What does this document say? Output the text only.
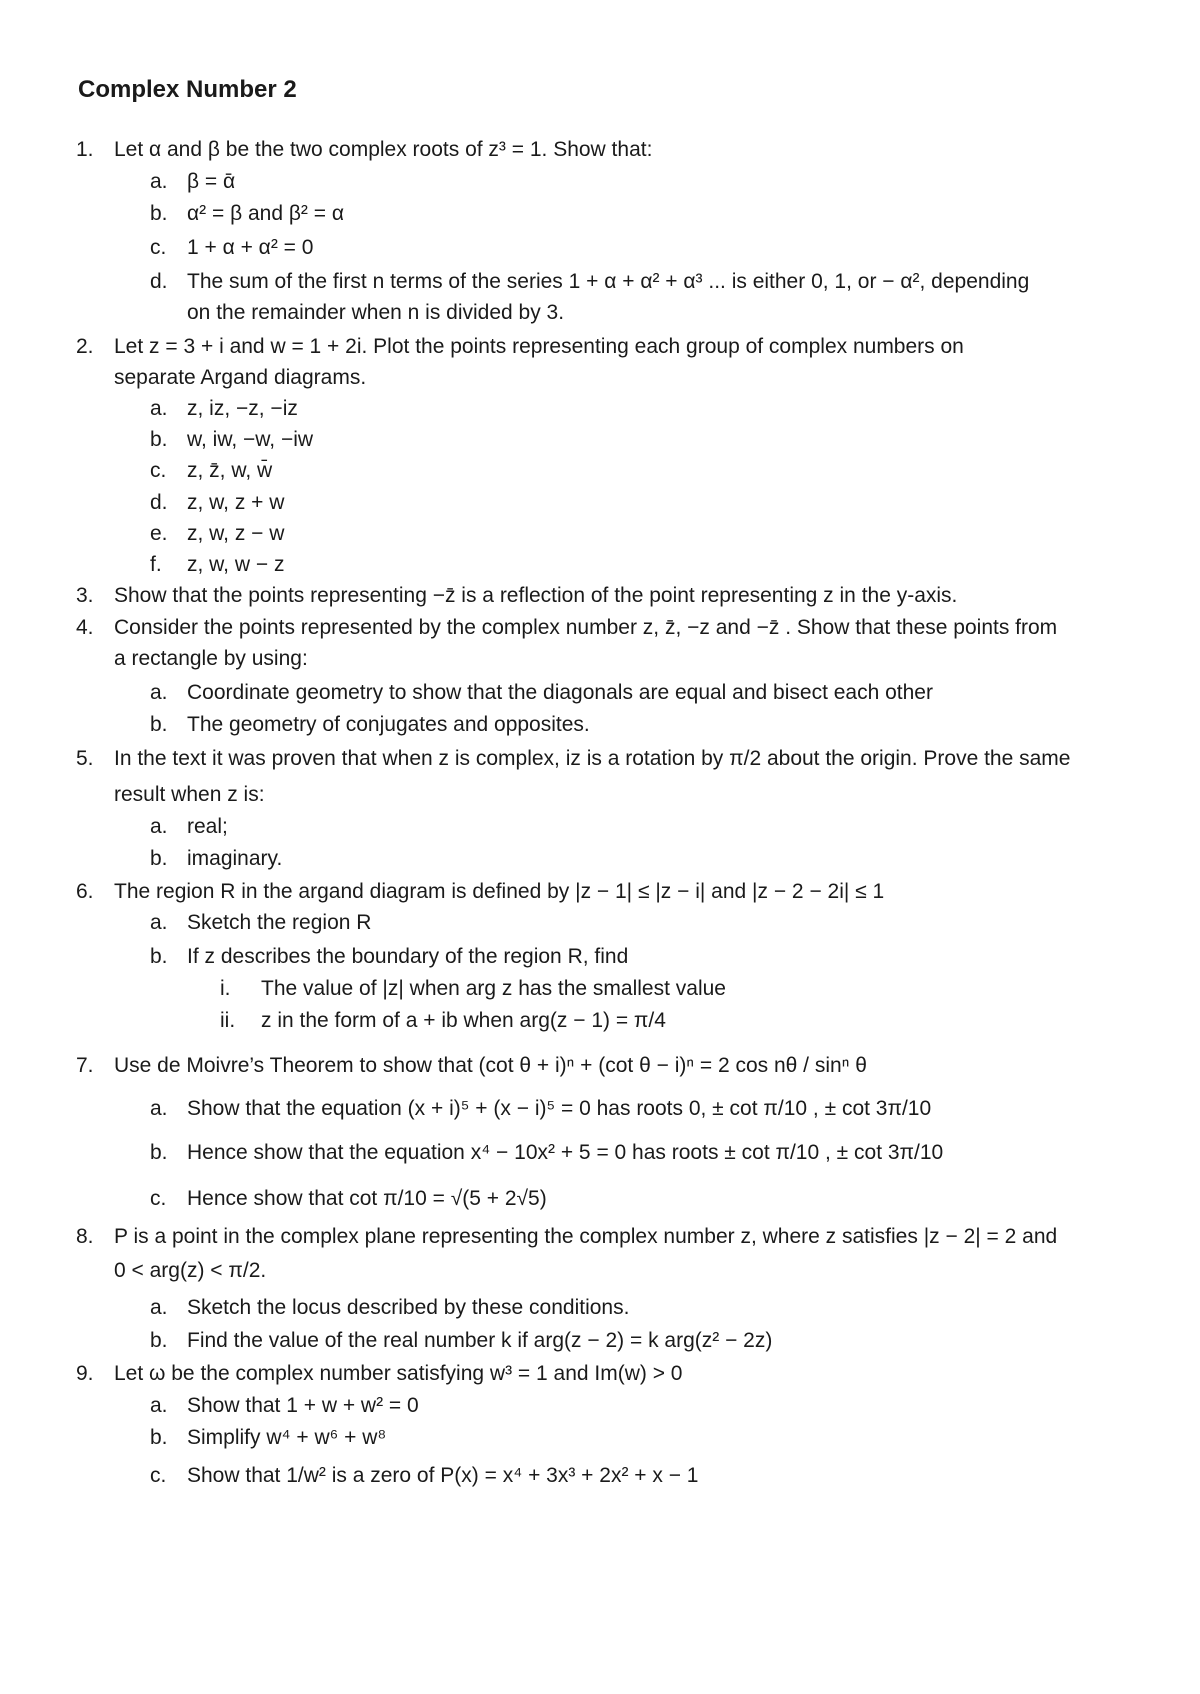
Complex Number 2
1. Let α and β be the two complex roots of z³ = 1. Show that:
a. β = ᾱ
b. α² = β and β² = α
c. 1 + α + α² = 0
d. The sum of the first n terms of the series 1 + α + α² + α³ ... is either 0, 1, or − α², depending
on the remainder when n is divided by 3.
2. Let z = 3 + i and w = 1 + 2i. Plot the points representing each group of complex numbers on
separate Argand diagrams.
a. z, iz, −z, −iz
b. w, iw, −w, −iw
c. z, z̄, w, w̄
d. z, w, z + w
e. z, w, z − w
f. z, w, w − z
3. Show that the points representing −z̄ is a reflection of the point representing z in the y-axis.
4. Consider the points represented by the complex number z, z̄, −z and −z̄ . Show that these points from
a rectangle by using:
a. Coordinate geometry to show that the diagonals are equal and bisect each other
b. The geometry of conjugates and opposites.
5. In the text it was proven that when z is complex, iz is a rotation by π/2 about the origin. Prove the same
result when z is:
a. real;
b. imaginary.
6. The region R in the argand diagram is defined by |z − 1| ≤ |z − i| and |z − 2 − 2i| ≤ 1
a. Sketch the region R
b. If z describes the boundary of the region R, find
i. The value of |z| when arg z has the smallest value
ii. z in the form of a + ib when arg(z − 1) = π/4
7. Use de Moivre’s Theorem to show that (cot θ + i)ⁿ + (cot θ − i)ⁿ = 2 cos nθ / sinⁿ θ
a. Show that the equation (x + i)⁵ + (x − i)⁵ = 0 has roots 0, ± cot π/10 , ± cot 3π/10
b. Hence show that the equation x⁴ − 10x² + 5 = 0 has roots ± cot π/10 , ± cot 3π/10
c. Hence show that cot π/10 = √(5 + 2√5)
8. P is a point in the complex plane representing the complex number z, where z satisfies |z − 2| = 2 and
0 < arg(z) < π/2.
a. Sketch the locus described by these conditions.
b. Find the value of the real number k if arg(z − 2) = k arg(z² − 2z)
9. Let ω be the complex number satisfying w³ = 1 and Im(w) > 0
a. Show that 1 + w + w² = 0
b. Simplify w⁴ + w⁶ + w⁸
c. Show that 1/w² is a zero of P(x) = x⁴ + 3x³ + 2x² + x − 1
